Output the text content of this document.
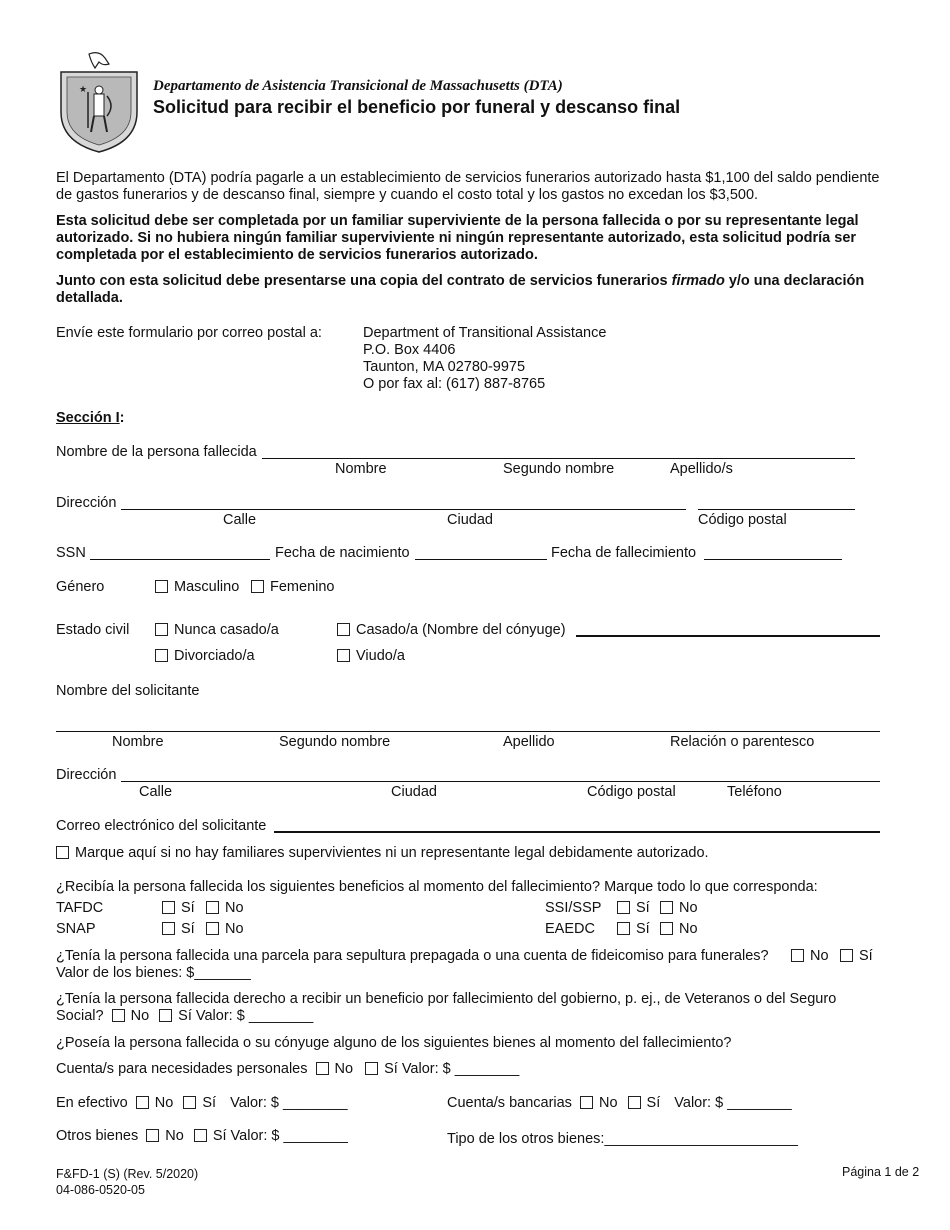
★	Departamento de Asistencia Transicional de Massachusetts (DTA)
Solicitud para recibir el beneficio por funeral y descanso final
El Departamento (DTA) podría pagarle a un establecimiento de servicios funerarios autorizado hasta $1,100 del saldo pendiente de gastos funerarios y de descanso final, siempre y cuando el costo total y los gastos no excedan los $3,500.
Esta solicitud debe ser completada por un familiar superviviente de la persona fallecida o por su representante legal autorizado. Si no hubiera ningún familiar superviviente ni ningún representante autorizado, esta solicitud podría ser completada por el establecimiento de servicios funerarios autorizado.
Junto con esta solicitud debe presentarse una copia del contrato de servicios funerarios firmado y/o una declaración detallada.
Envíe este formulario por correo postal a:	Department of Transitional Assistance
P.O. Box 4406
Taunton, MA 02780-9975
O por fax al: (617) 887-8765
Sección I:
Nombre de la persona fallecida
Nombre	Segundo nombre	Apellido/s
Dirección
Calle	Ciudad	Código postal
SSN	Fecha de nacimiento	Fecha de fallecimiento
Género	Masculino	Femenino
Estado civil	Nunca casado/a	Casado/a (Nombre del cónyuge)
Divorciado/a	Viudo/a
Nombre del solicitante
Nombre	Segundo nombre	Apellido	Relación o parentesco
Dirección
Calle	Ciudad	Código postal	Teléfono
Correo electrónico del solicitante
Marque aquí si no hay familiares supervivientes ni un representante legal debidamente autorizado.
¿Recibía la persona fallecida los siguientes beneficios al momento del fallecimiento? Marque todo lo que corresponda:
TAFDC	Sí	No	SSI/SSP	Sí	No
SNAP	Sí	No	EAEDC	Sí	No
¿Tenía la persona fallecida una parcela para sepultura prepagada o una cuenta de fideicomiso para funerales?	No	Sí
Valor de los bienes: $_______
¿Tenía la persona fallecida derecho a recibir un beneficio por fallecimiento del gobierno, p. ej., de Veteranos o del Seguro
Social? No Sí Valor: $ ________
¿Poseía la persona fallecida o su cónyuge alguno de los siguientes bienes al momento del fallecimiento?
Cuenta/s para necesidades personales No Sí Valor: $ ________
En efectivo No Sí Valor: $ ________	Cuenta/s bancarias No Sí Valor: $ ________
Otros bienes No Sí Valor: $ ________	Tipo de los otros bienes:________________________
F&FD-1 (S) (Rev. 5/2020)
04-086-0520-05
Página 1 de 2
